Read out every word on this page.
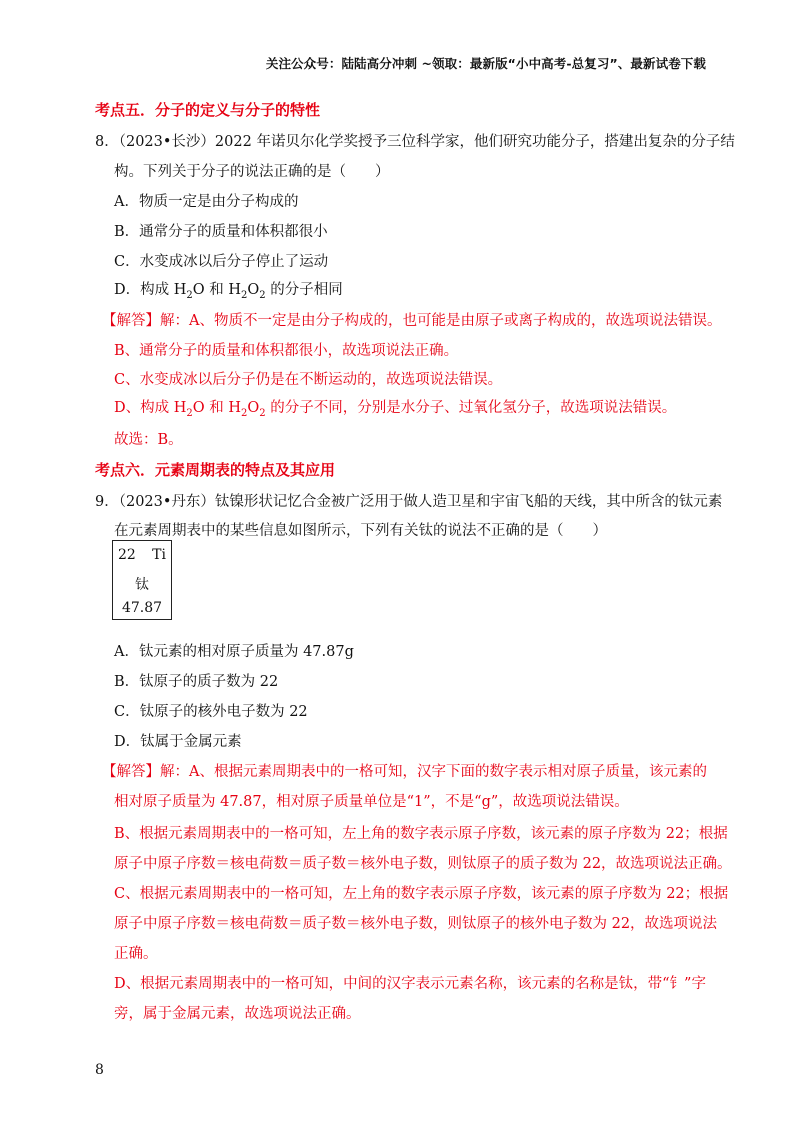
关注公众号：陆陆高分冲刺 ~领取：最新版“小中高考-总复习”、最新试卷下载
考点五．分子的定义与分子的特性
8．（2023•长沙）2022 年诺贝尔化学奖授予三位科学家，他们研究功能分子，搭建出复杂的分子结
构。下列关于分子的说法正确的是（　　）
A．物质一定是由分子构成的
B．通常分子的质量和体积都很小
C．水变成冰以后分子停止了运动
D．构成 $H_2O$ 和 $H_2O_2$ 的分子相同
【解答】解：A、物质不一定是由分子构成的，也可能是由原子或离子构成的，故选项说法错误。
B、通常分子的质量和体积都很小，故选项说法正确。
C、水变成冰以后分子仍是在不断运动的，故选项说法错误。
D、构成 $H_2O$ 和 $H_2O_2$ 的分子不同，分别是水分子、过氧化氢分子，故选项说法错误。
故选：B。
考点六．元素周期表的特点及其应用
9．（2023•丹东）钛镍形状记忆合金被广泛用于做人造卫星和宇宙飞船的天线，其中所含的钛元素
在元素周期表中的某些信息如图所示，下列有关钛的说法不正确的是（　　）
22 Ti
钛
47.87
A．钛元素的相对原子质量为 47.87g
B．钛原子的质子数为 22
C．钛原子的核外电子数为 22
D．钛属于金属元素
【解答】解：A、根据元素周期表中的一格可知，汉字下面的数字表示相对原子质量，该元素的
相对原子质量为 47.87，相对原子质量单位是“1”，不是“g”，故选项说法错误。
B、根据元素周期表中的一格可知，左上角的数字表示原子序数，该元素的原子序数为 22；根据
原子中原子序数＝核电荷数＝质子数＝核外电子数，则钛原子的质子数为 22，故选项说法正确。
C、根据元素周期表中的一格可知，左上角的数字表示原子序数，该元素的原子序数为 22；根据
原子中原子序数＝核电荷数＝质子数＝核外电子数，则钛原子的核外电子数为 22，故选项说法
正确。
D、根据元素周期表中的一格可知，中间的汉字表示元素名称，该元素的名称是钛，带“钅”字
旁，属于金属元素，故选项说法正确。
8
